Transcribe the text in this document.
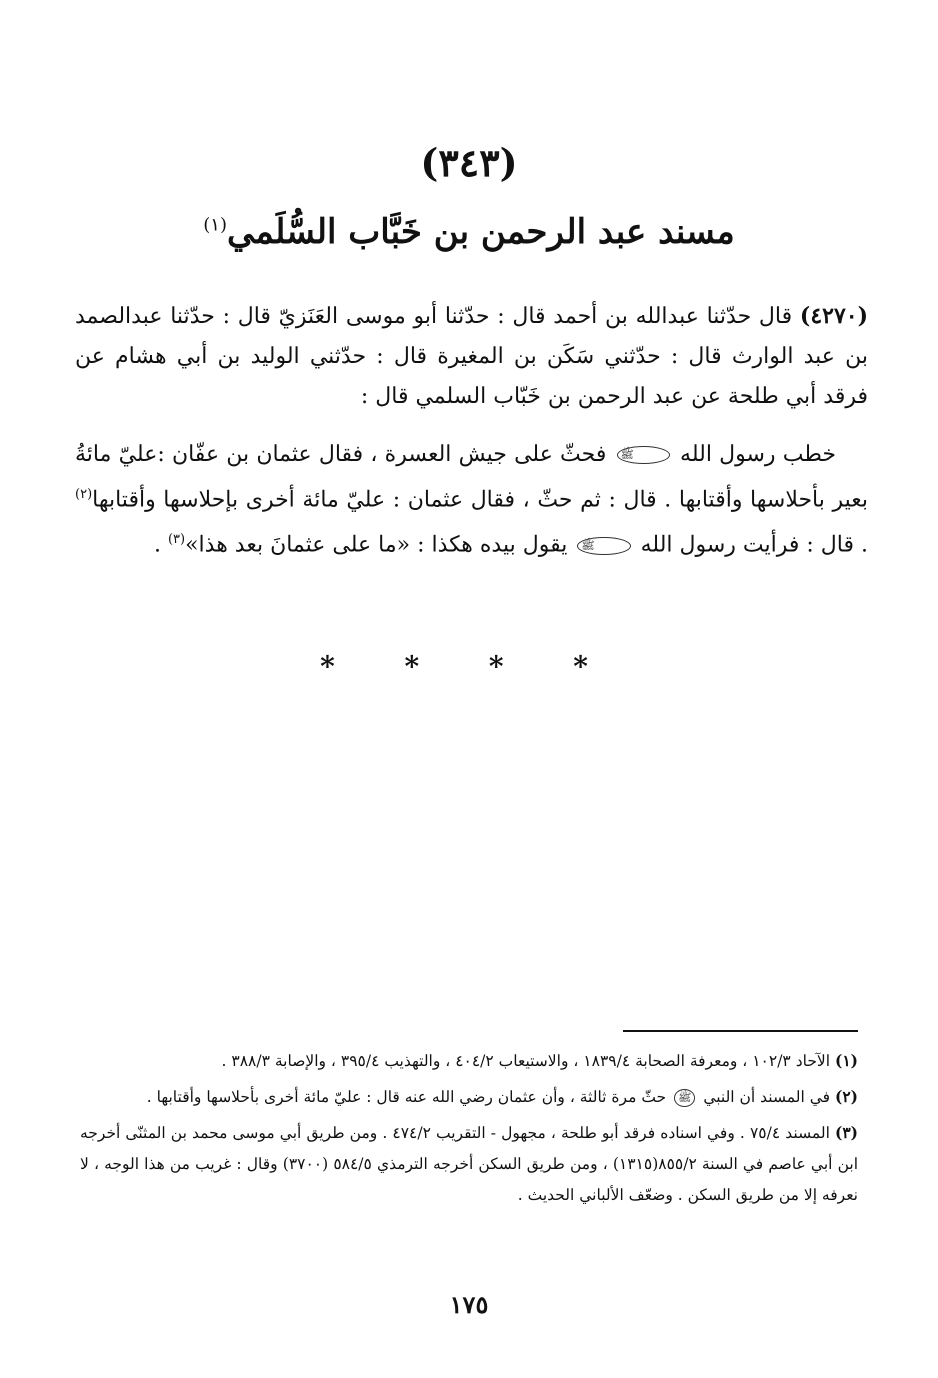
(٣٤٣)
مسند عبد الرحمن بن خَبَّاب السُّلَمي$^{(١)}$

(٤٢٧٠) قال حدّثنا عبدالله بن أحمد قال : حدّثنا أبو موسى العَنَزيّ قال : حدّثنا عبدالصمد بن عبد الوارث قال : حدّثني سَكَن بن المغيرة قال : حدّثني الوليد بن أبي هشام عن فرقد أبي طلحة عن عبد الرحمن بن خَبّاب السلمي قال :

خطب رسول الله ﷺ فحثّ على جيش العسرة ، فقال عثمان بن عفّان :عليّ مائةُ بعير بأحلاسها وأقتابها . قال : ثم حثّ ، فقال عثمان : عليّ مائة أخرى بإحلاسها وأقتابها$^{(٢)}$ . قال : فرأيت رسول الله ﷺ يقول بيده هكذا : «ما على عثمانَ بعد هذا»$^{(٣)}$ .

* * * *

(١) الآحاد ١٠٢/٣ ، ومعرفة الصحابة ١٨٣٩/٤ ، والاستيعاب ٤٠٤/٢ ، والتهذيب ٣٩٥/٤ ، والإصابة ٣٨٨/٣ .

(٢) في المسند أن النبي ﷺ حثّ مرة ثالثة ، وأن عثمان رضي الله عنه قال : عليّ مائة أخرى بأحلاسها وأقتابها .

(٣) المسند ٧٥/٤ . وفي اسناده فرقد أبو طلحة ، مجهول - التقريب ٤٧٤/٢ . ومن طريق أبي موسى محمد بن المثنّى أخرجه ابن أبي عاصم في السنة ٨٥٥/٢(١٣١٥) ، ومن طريق السكن أخرجه الترمذي ٥٨٤/٥ (٣٧٠٠) وقال : غريب من هذا الوجه ، لا نعرفه إلا من طريق السكن . وضعّف الألباني الحديث .

١٧٥
